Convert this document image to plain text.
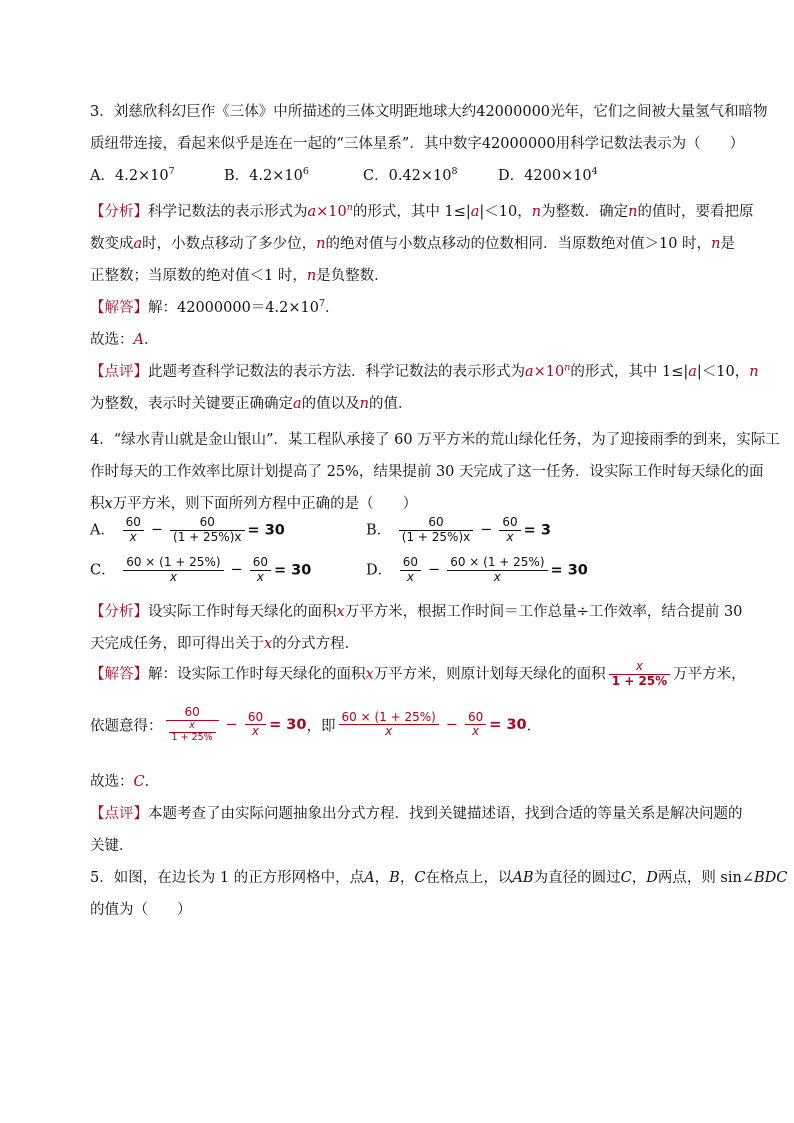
3．刘慈欣科幻巨作《三体》中所描述的三体文明距地球大约42000000光年，它们之间被大量氢气和暗物
质纽带连接，看起来似乎是连在一起的“三体星系”．其中数字42000000用科学记数法表示为（　　）
A．$4.2\times 10^7$	B．$4.2\times 10^6$	C．$0.42\times 10^8$	D．$4200\times 10^4$
【分析】科学记数法的表示形式为$a\times 10^n$的形式，其中 1≤|a|＜10，n为整数．确定n的值时，要看把原
数变成a时，小数点移动了多少位，n的绝对值与小数点移动的位数相同．当原数绝对值＞10 时，n是
正整数；当原数的绝对值＜1 时，n是负整数．
【解答】解：$42000000=4.2\times 10^7$．
故选：A．
【点评】此题考查科学记数法的表示方法．科学记数法的表示形式为$a\times 10^n$的形式，其中 1≤|a|＜10，n
为整数，表示时关键要正确确定a的值以及n的值．
4．“绿水青山就是金山银山”．某工程队承接了 60 万平方米的荒山绿化任务，为了迎接雨季的到来，实际工
作时每天的工作效率比原计划提高了 25%，结果提前 30 天完成了这一任务．设实际工作时每天绿化的面
积x万平方米，则下面所列方程中正确的是（　　）
A． $\frac{60}{x} - \frac{60}{(1 + 25\%)x} = 30$	B． $\frac{60}{(1 + 25\%)x} - \frac{60}{x} = 3$
C． $\frac{60 \times (1 + 25\%)}{x} - \frac{60}{x} = 30$	D． $\frac{60}{x} - \frac{60 \times (1 + 25\%)}{x} = 30$
【分析】设实际工作时每天绿化的面积x万平方米，根据工作时间＝工作总量÷工作效率，结合提前 30
天完成任务，即可得出关于x的分式方程．
【解答】解：设实际工作时每天绿化的面积x万平方米，则原计划每天绿化的面积 $\frac{x}{1 + 25\%}$ 万平方米，
依题意得： $\frac{60}{\frac{x}{1 + 25\%}} - \frac{60}{x} = 30$，即 $\frac{60 \times (1 + 25\%)}{x} - \frac{60}{x} = 30$．
故选：C．
【点评】本题考查了由实际问题抽象出分式方程．找到关键描述语，找到合适的等量关系是解决问题的
关键．
5．如图，在边长为 1 的正方形网格中，点A，B，C在格点上，以AB为直径的圆过C，D两点，则 sin∠BDC
的值为（　　）
